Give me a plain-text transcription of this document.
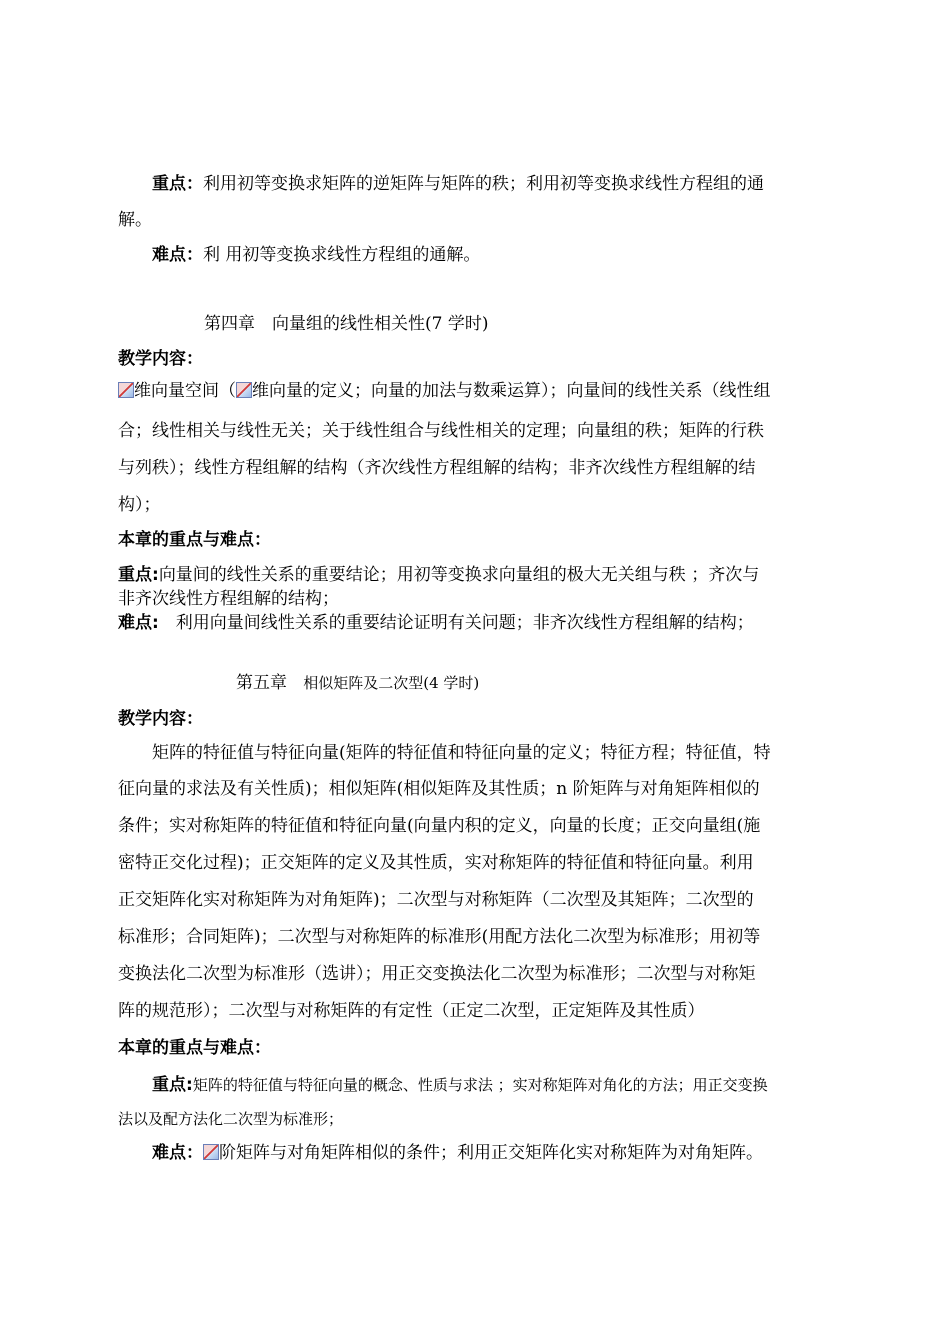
重点：利用初等变换求矩阵的逆矩阵与矩阵的秩；利用初等变换求线性方程组的通
解。
难点：利 用初等变换求线性方程组的通解。
第四章　向量组的线性相关性(7 学时)
教学内容：
维向量空间（ 维向量的定义；向量的加法与数乘运算）；向量间的线性关系（线性组
合；线性相关与线性无关；关于线性组合与线性相关的定理；向量组的秩；矩阵的行秩
与列秩）；线性方程组解的结构（齐次线性方程组解的结构；非齐次线性方程组解的结
构）；
本章的重点与难点：
重点:向量间的线性关系的重要结论；用初等变换求向量组的极大无关组与秩 ；齐次与
非齐次线性方程组解的结构；
难点:　利用向量间线性关系的重要结论证明有关问题；非齐次线性方程组解的结构；
第五章 相似矩阵及二次型(4 学时)
教学内容：
矩阵的特征值与特征向量(矩阵的特征值和特征向量的定义；特征方程；特征值，特
征向量的求法及有关性质)；相似矩阵(相似矩阵及其性质；n 阶矩阵与对角矩阵相似的
条件；实对称矩阵的特征值和特征向量(向量内积的定义，向量的长度；正交向量组(施
密特正交化过程)；正交矩阵的定义及其性质，实对称矩阵的特征值和特征向量。利用
正交矩阵化实对称矩阵为对角矩阵)；二次型与对称矩阵（二次型及其矩阵；二次型的
标准形；合同矩阵)；二次型与对称矩阵的标准形(用配方法化二次型为标准形；用初等
变换法化二次型为标准形（选讲）；用正交变换法化二次型为标准形；二次型与对称矩
阵的规范形）；二次型与对称矩阵的有定性（正定二次型，正定矩阵及其性质）
本章的重点与难点：
重点:矩阵的特征值与特征向量的概念、性质与求法 ；实对称矩阵对角化的方法；用正交变换
法以及配方法化二次型为标准形；
难点： 阶矩阵与对角矩阵相似的条件；利用正交矩阵化实对称矩阵为对角矩阵。
